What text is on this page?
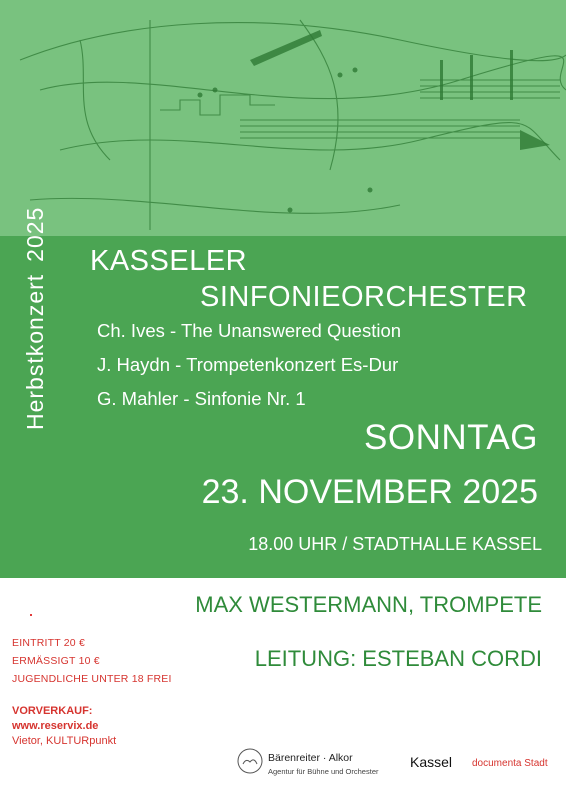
Herbstkonzert2025 KASSELER
SINFONIEORCHESTER
Ch. Ives - The Unanswered Question
J. Haydn - Trompetenkonzert Es-Dur
G. Mahler - Sinfonie Nr. 1
SONNTAG
23. NOVEMBER 2025
18.00 UHR / STADTHALLE KASSEL
MAX WESTERMANN, TROMPETE
LEITUNG: ESTEBAN CORDI
EINTRITT 20 €
ERMÄSSIGT 10 €
JUGENDLICHE UNTER 18 FREI
VORVERKAUF:
www.reservix.de
Vietor, KULTURpunkt
Bärenreiter · Alkor
Agentur für Bühne und Orchester
Kassel documenta Stadt
